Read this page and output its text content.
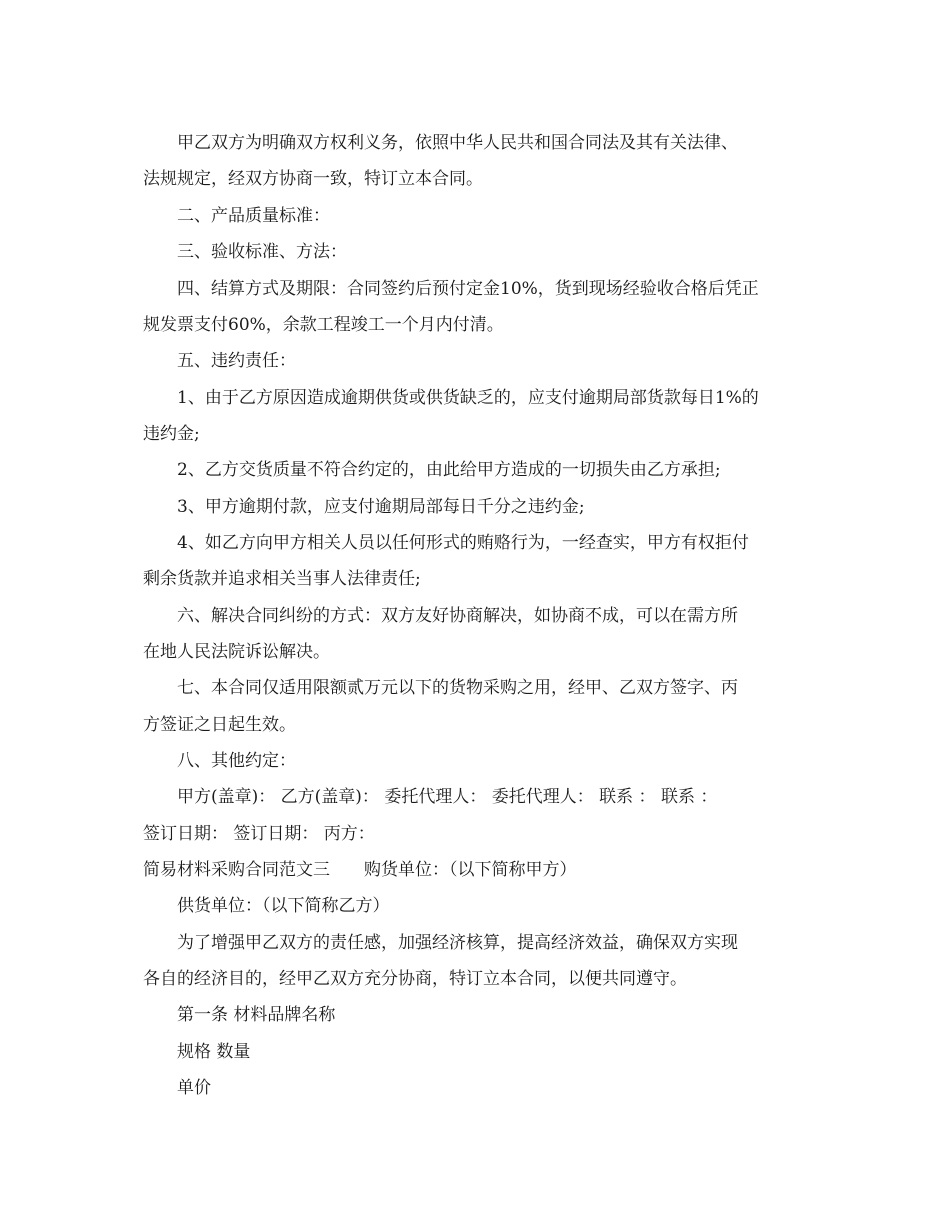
甲乙双方为明确双方权利义务，依照中华人民共和国合同法及其有关法律、

法规规定，经双方协商一致，特订立本合同。

二、产品质量标准：

三、验收标准、方法：

四、结算方式及期限：合同签约后预付定金10%，货到现场经验收合格后凭正

规发票支付60%，余款工程竣工一个月内付清。

五、违约责任：

1、由于乙方原因造成逾期供货或供货缺乏的，应支付逾期局部货款每日1%的

违约金;

2、乙方交货质量不符合约定的，由此给甲方造成的一切损失由乙方承担;

3、甲方逾期付款，应支付逾期局部每日千分之违约金;

4、如乙方向甲方相关人员以任何形式的贿赂行为，一经查实，甲方有权拒付

剩余货款并追求相关当事人法律责任;

六、解决合同纠纷的方式：双方友好协商解决，如协商不成，可以在需方所

在地人民法院诉讼解决。

七、本合同仅适用限额贰万元以下的货物采购之用，经甲、乙双方签字、丙

方签证之日起生效。

八、其他约定：

甲方(盖章)： 乙方(盖章)： 委托代理人： 委托代理人： 联系 ： 联系 ：

签订日期： 签订日期： 丙方：

简易材料采购合同范文三　　购货单位：（以下简称甲方）

供货单位：（以下简称乙方）

为了增强甲乙双方的责任感，加强经济核算，提高经济效益，确保双方实现

各自的经济目的，经甲乙双方充分协商，特订立本合同，以便共同遵守。

第一条 材料品牌名称

规格 数量

单价
